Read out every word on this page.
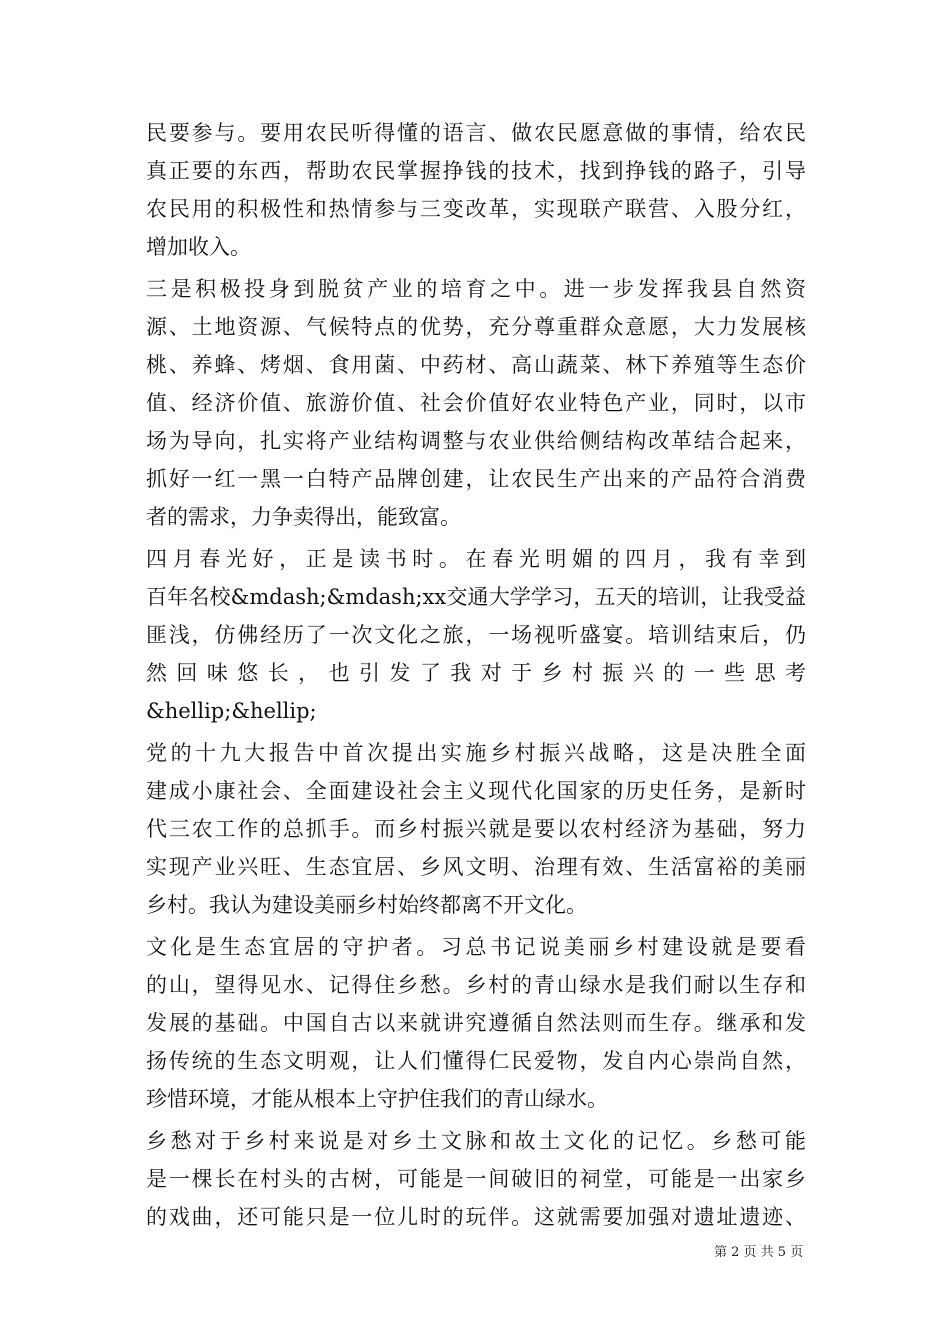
民要参与。要用农民听得懂的语言、做农民愿意做的事情，给农民
真正要的东西，帮助农民掌握挣钱的技术，找到挣钱的路子，引导
农民用的积极性和热情参与三变改革，实现联产联营、入股分红，
增加收入。
三是积极投身到脱贫产业的培育之中。进一步发挥我县自然资
源、土地资源、气候特点的优势，充分尊重群众意愿，大力发展核
桃、养蜂、烤烟、食用菌、中药材、高山蔬菜、林下养殖等生态价
值、经济价值、旅游价值、社会价值好农业特色产业，同时，以市
场为导向，扎实将产业结构调整与农业供给侧结构改革结合起来，
抓好一红一黑一白特产品牌创建，让农民生产出来的产品符合消费
者的需求，力争卖得出，能致富。
四月春光好，正是读书时。在春光明媚的四月，我有幸到
百年名校&mdash;&mdash;xx交通大学学习，五天的培训，让我受益
匪浅，仿佛经历了一次文化之旅，一场视听盛宴。培训结束后，仍
然回味悠长，也引发了我对于乡村振兴的一些思考
&hellip;&hellip;
党的十九大报告中首次提出实施乡村振兴战略，这是决胜全面
建成小康社会、全面建设社会主义现代化国家的历史任务，是新时
代三农工作的总抓手。而乡村振兴就是要以农村经济为基础，努力
实现产业兴旺、生态宜居、乡风文明、治理有效、生活富裕的美丽
乡村。我认为建设美丽乡村始终都离不开文化。
文化是生态宜居的守护者。习总书记说美丽乡村建设就是要看
的山，望得见水、记得住乡愁。乡村的青山绿水是我们耐以生存和
发展的基础。中国自古以来就讲究遵循自然法则而生存。继承和发
扬传统的生态文明观，让人们懂得仁民爱物，发自内心崇尚自然，
珍惜环境，才能从根本上守护住我们的青山绿水。
乡愁对于乡村来说是对乡土文脉和故土文化的记忆。乡愁可能
是一棵长在村头的古树，可能是一间破旧的祠堂，可能是一出家乡
的戏曲，还可能只是一位儿时的玩伴。这就需要加强对遗址遗迹、
第 2 页 共 5 页
